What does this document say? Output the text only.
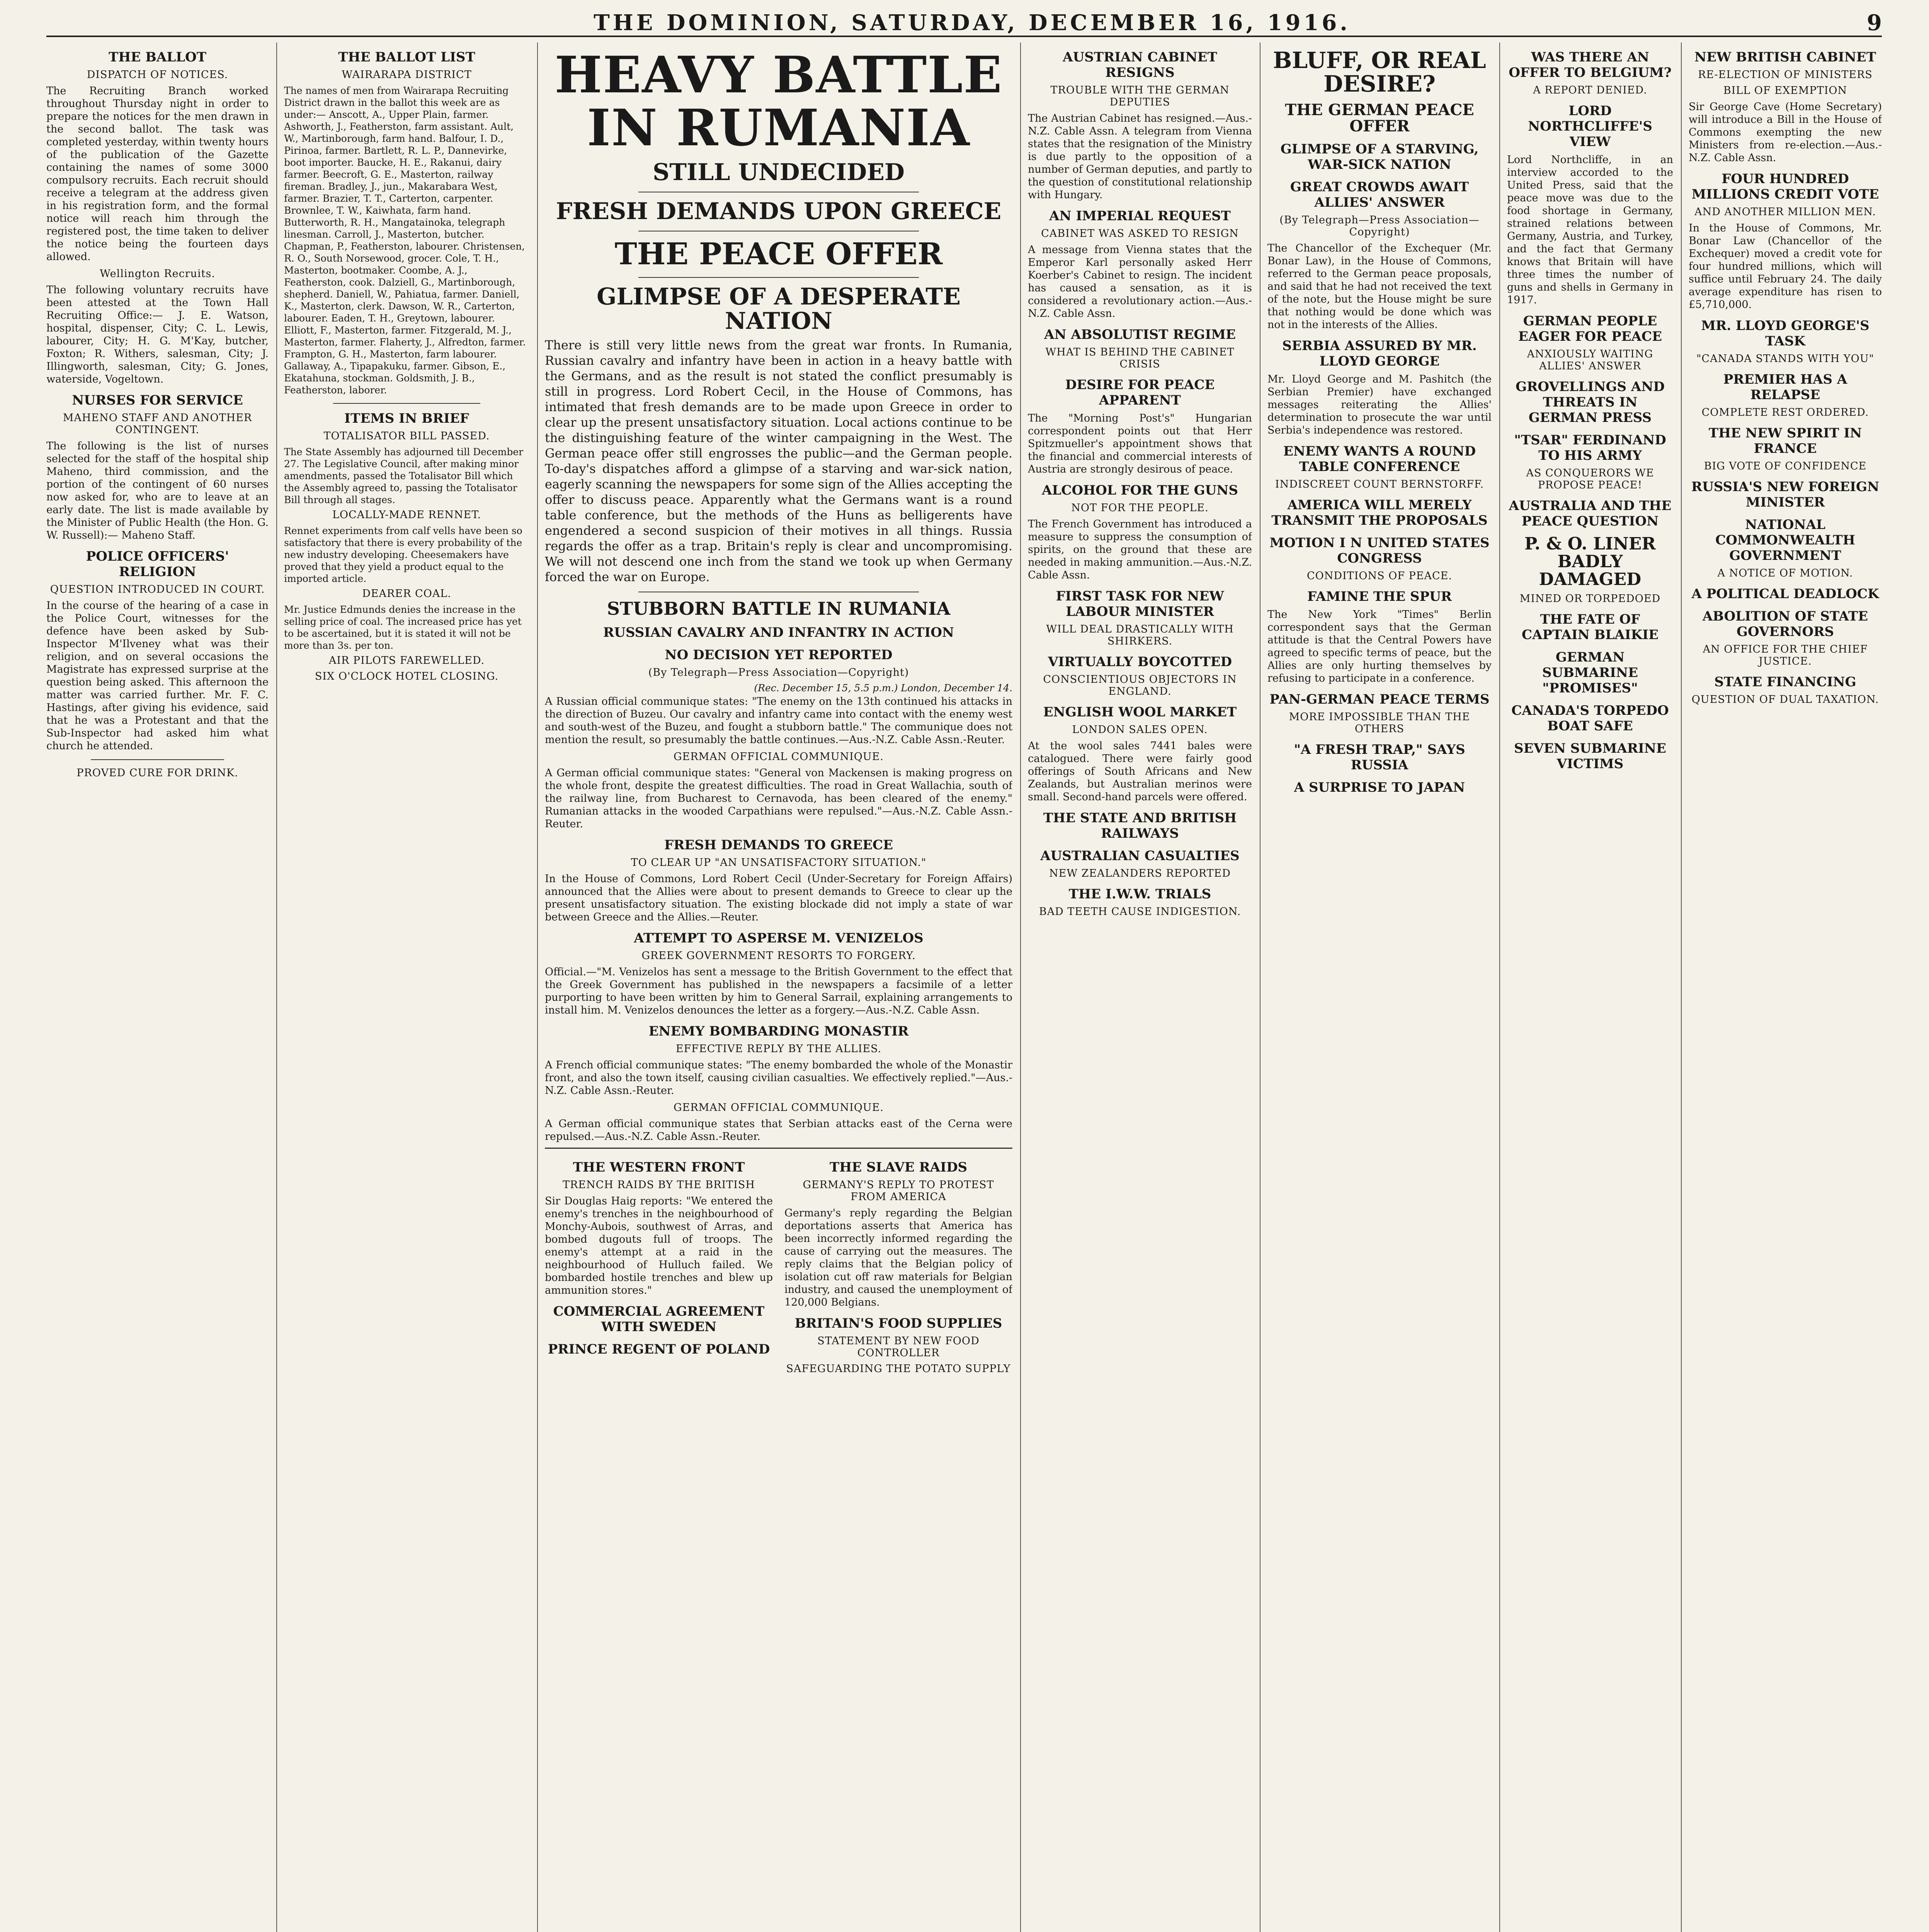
THE DOMINION, SATURDAY, DECEMBER 16, 1916.	9
THE BALLOT
DISPATCH OF NOTICES.

The Recruiting Branch worked throughout Thursday night in order to prepare the notices for the men drawn in the second ballot. The task was completed yesterday, within twenty hours of the publication of the Gazette containing the names of some 3000 compulsory recruits. Each recruit should receive a telegram at the address given in his registration form, and the formal notice will reach him through the registered post, the time taken to deliver the notice being the fourteen days allowed.

Wellington Recruits.

The following voluntary recruits have been attested at the Town Hall Recruiting Office:— J. E. Watson, hospital, dispenser, City; C. L. Lewis, labourer, City; H. G. M'Kay, butcher, Foxton; R. Withers, salesman, City; J. Illingworth, salesman, City; G. Jones, waterside, Vogeltown.

NURSES FOR SERVICE
MAHENO STAFF AND ANOTHER CONTINGENT.

The following is the list of nurses selected for the staff of the hospital ship Maheno, third commission, and the portion of the contingent of 60 nurses now asked for, who are to leave at an early date. The list is made available by the Minister of Public Health (the Hon. G. W. Russell):— Maheno Staff.

POLICE OFFICERS' RELIGION
QUESTION INTRODUCED IN COURT.

In the course of the hearing of a case in the Police Court, witnesses for the defence have been asked by Sub-Inspector M'Ilveney what was their religion, and on several occasions the Magistrate has expressed surprise at the question being asked. This afternoon the matter was carried further. Mr. F. C. Hastings, after giving his evidence, said that he was a Protestant and that the Sub-Inspector had asked him what church he attended.

PROVED CURE FOR DRINK.
THE BALLOT LIST
WAIRARAPA DISTRICT

The names of men from Wairarapa Recruiting District drawn in the ballot this week are as under:— Anscott, A., Upper Plain, farmer. Ashworth, J., Featherston, farm assistant. Ault, W., Martinborough, farm hand. Balfour, I. D., Pirinoa, farmer. Bartlett, R. L. P., Dannevirke, boot importer. Baucke, H. E., Rakanui, dairy farmer. Beecroft, G. E., Masterton, railway fireman. Bradley, J., jun., Makarabara West, farmer. Brazier, T. T., Carterton, carpenter. Brownlee, T. W., Kaiwhata, farm hand. Butterworth, R. H., Mangatainoka, telegraph linesman. Carroll, J., Masterton, butcher. Chapman, P., Featherston, labourer. Christensen, R. O., South Norsewood, grocer. Cole, T. H., Masterton, bootmaker. Coombe, A. J., Featherston, cook. Dalziell, G., Martinborough, shepherd. Daniell, W., Pahiatua, farmer. Daniell, K., Masterton, clerk. Dawson, W. R., Carterton, labourer. Eaden, T. H., Greytown, labourer. Elliott, F., Masterton, farmer. Fitzgerald, M. J., Masterton, farmer. Flaherty, J., Alfredton, farmer. Frampton, G. H., Masterton, farm labourer. Gallaway, A., Tipapakuku, farmer. Gibson, E., Ekatahuna, stockman. Goldsmith, J. B., Featherston, laborer.

ITEMS IN BRIEF
TOTALISATOR BILL PASSED.

The State Assembly has adjourned till December 27. The Legislative Council, after making minor amendments, passed the Totalisator Bill which the Assembly agreed to, passing the Totalisator Bill through all stages.

LOCALLY-MADE RENNET.

Rennet experiments from calf vells have been so satisfactory that there is every probability of the new industry developing. Cheesemakers have proved that they yield a product equal to the imported article.

DEARER COAL.

Mr. Justice Edmunds denies the increase in the selling price of coal. The increased price has yet to be ascertained, but it is stated it will not be more than 3s. per ton.

AIR PILOTS FAREWELLED.
SIX O'CLOCK HOTEL CLOSING.
HEAVY BATTLE IN RUMANIA
STILL UNDECIDED
FRESH DEMANDS UPON GREECE
THE PEACE OFFER
GLIMPSE OF A DESPERATE NATION

There is still very little news from the great war fronts. In Rumania, Russian cavalry and infantry have been in action in a heavy battle with the Germans, and as the result is not stated the conflict presumably is still in progress. Lord Robert Cecil, in the House of Commons, has intimated that fresh demands are to be made upon Greece in order to clear up the present unsatisfactory situation. Local actions continue to be the distinguishing feature of the winter campaigning in the West. The German peace offer still engrosses the public—and the German people. To-day's dispatches afford a glimpse of a starving and war-sick nation, eagerly scanning the newspapers for some sign of the Allies accepting the offer to discuss peace. Apparently what the Germans want is a round table conference, but the methods of the Huns as belligerents have engendered a second suspicion of their motives in all things. Russia regards the offer as a trap. Britain's reply is clear and uncompromising. We will not descend one inch from the stand we took up when Germany forced the war on Europe.

STUBBORN BATTLE IN RUMANIA
RUSSIAN CAVALRY AND INFANTRY IN ACTION
NO DECISION YET REPORTED
(By Telegraph—Press Association—Copyright)
(Rec. December 15, 5.5 p.m.) London, December 14.

A Russian official communique states: "The enemy on the 13th continued his attacks in the direction of Buzeu. Our cavalry and infantry came into contact with the enemy west and south-west of the Buzeu, and fought a stubborn battle." The communique does not mention the result, so presumably the battle continues.—Aus.-N.Z. Cable Assn.-Reuter.

GERMAN OFFICIAL COMMUNIQUE.

A German official communique states: "General von Mackensen is making progress on the whole front, despite the greatest difficulties. The road in Great Wallachia, south of the railway line, from Bucharest to Cernavoda, has been cleared of the enemy." Rumanian attacks in the wooded Carpathians were repulsed."—Aus.-N.Z. Cable Assn.-Reuter.

FRESH DEMANDS TO GREECE
TO CLEAR UP "AN UNSATISFACTORY SITUATION."

In the House of Commons, Lord Robert Cecil (Under-Secretary for Foreign Affairs) announced that the Allies were about to present demands to Greece to clear up the present unsatisfactory situation. The existing blockade did not imply a state of war between Greece and the Allies.—Reuter.

ATTEMPT TO ASPERSE M. VENIZELOS
GREEK GOVERNMENT RESORTS TO FORGERY.

Official.—"M. Venizelos has sent a message to the British Government to the effect that the Greek Government has published in the newspapers a facsimile of a letter purporting to have been written by him to General Sarrail, explaining arrangements to install him. M. Venizelos denounces the letter as a forgery.—Aus.-N.Z. Cable Assn.

ENEMY BOMBARDING MONASTIR
EFFECTIVE REPLY BY THE ALLIES.

A French official communique states: "The enemy bombarded the whole of the Monastir front, and also the town itself, causing civilian casualties. We effectively replied."—Aus.-N.Z. Cable Assn.-Reuter.

GERMAN OFFICIAL COMMUNIQUE.

A German official communique states that Serbian attacks east of the Cerna were repulsed.—Aus.-N.Z. Cable Assn.-Reuter.

THE WESTERN FRONT
TRENCH RAIDS BY THE BRITISH

Sir Douglas Haig reports: "We entered the enemy's trenches in the neighbourhood of Monchy-Aubois, southwest of Arras, and bombed dugouts full of troops. The enemy's attempt at a raid in the neighbourhood of Hulluch failed. We bombarded hostile trenches and blew up ammunition stores."

COMMERCIAL AGREEMENT WITH SWEDEN
PRINCE REGENT OF POLAND
THE SLAVE RAIDS
GERMANY'S REPLY TO PROTEST FROM AMERICA

Germany's reply regarding the Belgian deportations asserts that America has been incorrectly informed regarding the cause of carrying out the measures. The reply claims that the Belgian policy of isolation cut off raw materials for Belgian industry, and caused the unemployment of 120,000 Belgians.

BRITAIN'S FOOD SUPPLIES
STATEMENT BY NEW FOOD CONTROLLER
SAFEGUARDING THE POTATO SUPPLY
AUSTRIAN CABINET RESIGNS
TROUBLE WITH THE GERMAN DEPUTIES

The Austrian Cabinet has resigned.—Aus.-N.Z. Cable Assn. A telegram from Vienna states that the resignation of the Ministry is due partly to the opposition of a number of German deputies, and partly to the question of constitutional relationship with Hungary.

AN IMPERIAL REQUEST
CABINET WAS ASKED TO RESIGN

A message from Vienna states that the Emperor Karl personally asked Herr Koerber's Cabinet to resign. The incident has caused a sensation, as it is considered a revolutionary action.—Aus.-N.Z. Cable Assn.

AN ABSOLUTIST REGIME
WHAT IS BEHIND THE CABINET CRISIS
DESIRE FOR PEACE APPARENT

The "Morning Post's" Hungarian correspondent points out that Herr Spitzmueller's appointment shows that the financial and commercial interests of Austria are strongly desirous of peace.

ALCOHOL FOR THE GUNS
NOT FOR THE PEOPLE.

The French Government has introduced a measure to suppress the consumption of spirits, on the ground that these are needed in making ammunition.—Aus.-N.Z. Cable Assn.

FIRST TASK FOR NEW LABOUR MINISTER
WILL DEAL DRASTICALLY WITH SHIRKERS.
VIRTUALLY BOYCOTTED
CONSCIENTIOUS OBJECTORS IN ENGLAND.
ENGLISH WOOL MARKET
LONDON SALES OPEN.

At the wool sales 7441 bales were catalogued. There were fairly good offerings of South Africans and New Zealands, but Australian merinos were small. Second-hand parcels were offered.

THE STATE AND BRITISH RAILWAYS
AUSTRALIAN CASUALTIES
NEW ZEALANDERS REPORTED
THE I.W.W. TRIALS
BAD TEETH CAUSE INDIGESTION.
BLUFF, OR REAL DESIRE?
THE GERMAN PEACE OFFER
GLIMPSE OF A STARVING, WAR-SICK NATION
GREAT CROWDS AWAIT ALLIES' ANSWER
(By Telegraph—Press Association—Copyright)

The Chancellor of the Exchequer (Mr. Bonar Law), in the House of Commons, referred to the German peace proposals, and said that he had not received the text of the note, but the House might be sure that nothing would be done which was not in the interests of the Allies.

SERBIA ASSURED BY MR. LLOYD GEORGE

Mr. Lloyd George and M. Pashitch (the Serbian Premier) have exchanged messages reiterating the Allies' determination to prosecute the war until Serbia's independence was restored.

ENEMY WANTS A ROUND TABLE CONFERENCE
INDISCREET COUNT BERNSTORFF.
AMERICA WILL MERELY TRANSMIT THE PROPOSALS
MOTION I N UNITED STATES CONGRESS
CONDITIONS OF PEACE.
FAMINE THE SPUR

The New York "Times" Berlin correspondent says that the German attitude is that the Central Powers have agreed to specific terms of peace, but the Allies are only hurting themselves by refusing to participate in a conference.

PAN-GERMAN PEACE TERMS
MORE IMPOSSIBLE THAN THE OTHERS
"A FRESH TRAP," SAYS RUSSIA
A SURPRISE TO JAPAN
WAS THERE AN OFFER TO BELGIUM?
A REPORT DENIED.
LORD NORTHCLIFFE'S VIEW

Lord Northcliffe, in an interview accorded to the United Press, said that the peace move was due to the food shortage in Germany, strained relations between Germany, Austria, and Turkey, and the fact that Germany knows that Britain will have three times the number of guns and shells in Germany in 1917.

GERMAN PEOPLE EAGER FOR PEACE
ANXIOUSLY WAITING ALLIES' ANSWER
GROVELLINGS AND THREATS IN GERMAN PRESS
"TSAR" FERDINAND TO HIS ARMY
AS CONQUERORS WE PROPOSE PEACE!
AUSTRALIA AND THE PEACE QUESTION
P. & O. LINER BADLY DAMAGED
MINED OR TORPEDOED
THE FATE OF CAPTAIN BLAIKIE
GERMAN SUBMARINE "PROMISES"
CANADA'S TORPEDO BOAT SAFE
SEVEN SUBMARINE VICTIMS
NEW BRITISH CABINET
RE-ELECTION OF MINISTERS
BILL OF EXEMPTION

Sir George Cave (Home Secretary) will introduce a Bill in the House of Commons exempting the new Ministers from re-election.—Aus.-N.Z. Cable Assn.

FOUR HUNDRED MILLIONS CREDIT VOTE
AND ANOTHER MILLION MEN.

In the House of Commons, Mr. Bonar Law (Chancellor of the Exchequer) moved a credit vote for four hundred millions, which will suffice until February 24. The daily average expenditure has risen to £5,710,000.

MR. LLOYD GEORGE'S TASK
"CANADA STANDS WITH YOU"
PREMIER HAS A RELAPSE
COMPLETE REST ORDERED.
THE NEW SPIRIT IN FRANCE
BIG VOTE OF CONFIDENCE
RUSSIA'S NEW FOREIGN MINISTER
NATIONAL COMMONWEALTH GOVERNMENT
A NOTICE OF MOTION.
A POLITICAL DEADLOCK
ABOLITION OF STATE GOVERNORS
AN OFFICE FOR THE CHIEF JUSTICE.
STATE FINANCING
QUESTION OF DUAL TAXATION.
